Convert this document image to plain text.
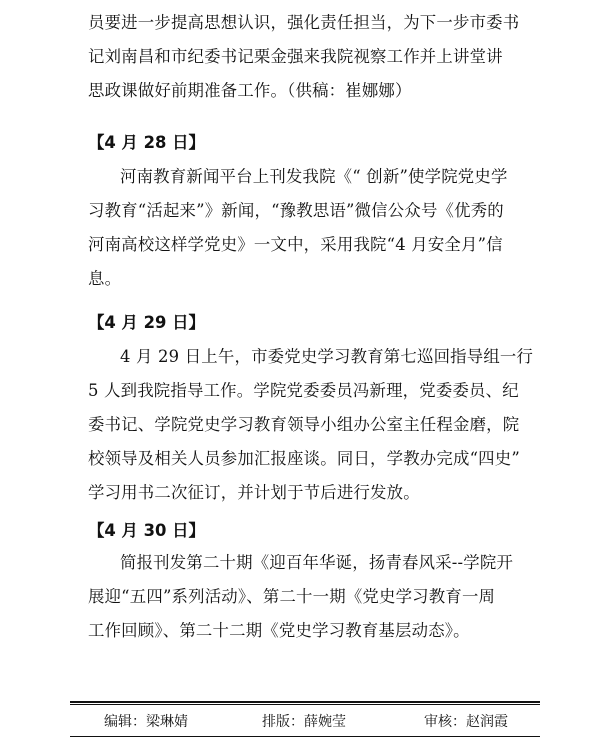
员要进一步提高思想认识，强化责任担当，为下一步市委书
记刘南昌和市纪委书记栗金强来我院视察工作并上讲堂讲
思政课做好前期准备工作。（供稿：崔娜娜）

【4 月 28 日】

河南教育新闻平台上刊发我院《“ 创新”使学院党史学
习教育“活起来”》新闻，“豫教思语”微信公众号《优秀的
河南高校这样学党史》一文中，采用我院“4 月安全月”信
息。

【4 月 29 日】

4 月 29 日上午，市委党史学习教育第七巡回指导组一行
5 人到我院指导工作。学院党委委员冯新理，党委委员、纪
委书记、学院党史学习教育领导小组办公室主任程金磨，院
校领导及相关人员参加汇报座谈。同日，学教办完成“四史”
学习用书二次征订，并计划于节后进行发放。

【4 月 30 日】

简报刊发第二十期《迎百年华诞，扬青春风采--学院开
展迎“五四”系列活动》、第二十一期《党史学习教育一周
工作回顾》、第二十二期《党史学习教育基层动态》。

编辑：梁琳婧	排版：薛婉莹	审核：赵润霞
